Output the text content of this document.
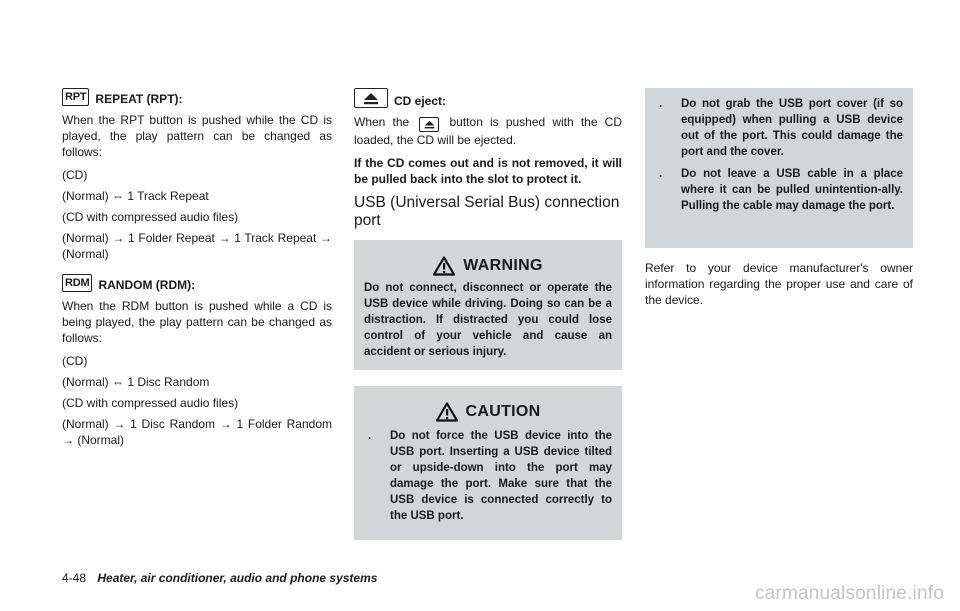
RPT REPEAT (RPT):

When the RPT button is pushed while the CD is played, the play pattern can be changed as follows:

(CD)

(Normal) ⇔ 1 Track Repeat

(CD with compressed audio files)

(Normal) → 1 Folder Repeat → 1 Track Repeat → (Normal)

RDM RANDOM (RDM):

When the RDM button is pushed while a CD is being played, the play pattern can be changed as follows:

(CD)

(Normal) ⇔ 1 Disc Random

(CD with compressed audio files)

(Normal) → 1 Disc Random → 1 Folder Random → (Normal)

CD eject:

When the	button is pushed with the CD loaded, the CD will be ejected.

If the CD comes out and is not removed, it will be pulled back into the slot to protect it.

USB (Universal Serial Bus) connection port
WARNING

Do not connect, disconnect or operate the USB device while driving. Doing so can be a distraction. If distracted you could lose control of your vehicle and cause an accident or serious injury.

CAUTION
.	Do not force the USB device into the USB port. Inserting a USB device tilted or upside-down into the port may damage the port. Make sure that the USB device is connected correctly to the USB port.
.	Do not grab the USB port cover (if so equipped) when pulling a USB device out of the port. This could damage the port and the cover.
.	Do not leave a USB cable in a place where it can be pulled unintention-ally. Pulling the cable may damage the port.

Refer to your device manufacturer's owner information regarding the proper use and care of the device.

4-48 Heater, air conditioner, audio and phone systems
carmanualsonline.info
